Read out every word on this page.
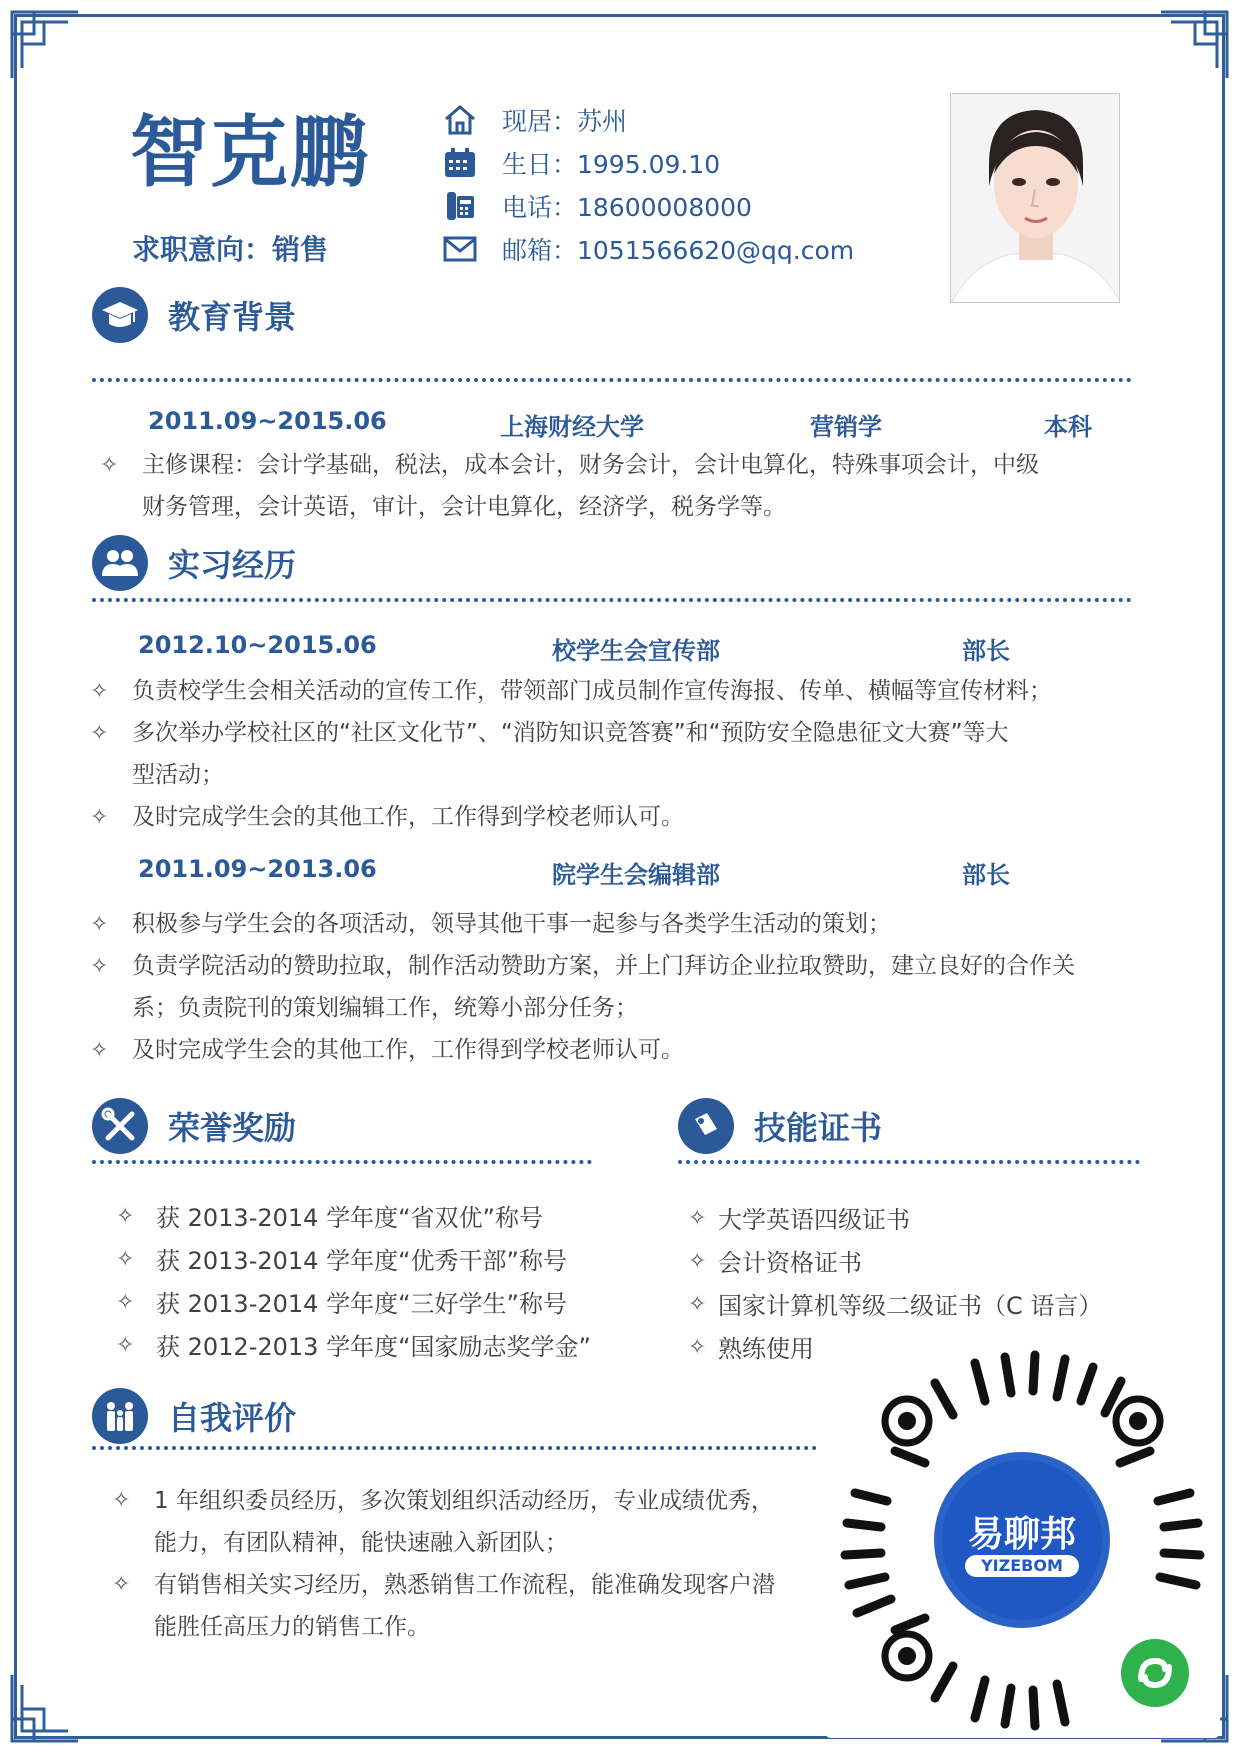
智克鹏
求职意向：销售
现居：苏州
生日：1995.09.10
电话：18600008000
邮箱：1051566620@qq.com
教育背景
2011.09~2015.06	上海财经大学	营销学	本科
✧ 主修课程：会计学基础，税法，成本会计，财务会计，会计电算化，特殊事项会计，中级
财务管理，会计英语，审计，会计电算化，经济学，税务学等。
实习经历
2012.10~2015.06	校学生会宣传部	部长
✧ 负责校学生会相关活动的宣传工作，带领部门成员制作宣传海报、传单、横幅等宣传材料；
✧ 多次举办学校社区的“社区文化节”、“消防知识竞答赛”和“预防安全隐患征文大赛”等大
型活动；
✧ 及时完成学生会的其他工作，工作得到学校老师认可。
2011.09~2013.06	院学生会编辑部	部长
✧ 积极参与学生会的各项活动，领导其他干事一起参与各类学生活动的策划；
✧ 负责学院活动的赞助拉取，制作活动赞助方案，并上门拜访企业拉取赞助，建立良好的合作关
系；负责院刊的策划编辑工作，统筹小部分任务；
✧ 及时完成学生会的其他工作，工作得到学校老师认可。
荣誉奖励
✧ 获 2013-2014 学年度“省双优”称号
✧ 获 2013-2014 学年度“优秀干部”称号
✧ 获 2013-2014 学年度“三好学生”称号
✧ 获 2012-2013 学年度“国家励志奖学金”
技能证书
✧ 大学英语四级证书
✧ 会计资格证书
✧ 国家计算机等级二级证书（C 语言）
✧ 熟练使用
自我评价
✧ 1 年组织委员经历，多次策划组织活动经历，专业成绩优秀，
能力，有团队精神，能快速融入新团队；
✧ 有销售相关实习经历，熟悉销售工作流程，能准确发现客户潜
能胜任高压力的销售工作。
易聊邦
YIZEBOM
